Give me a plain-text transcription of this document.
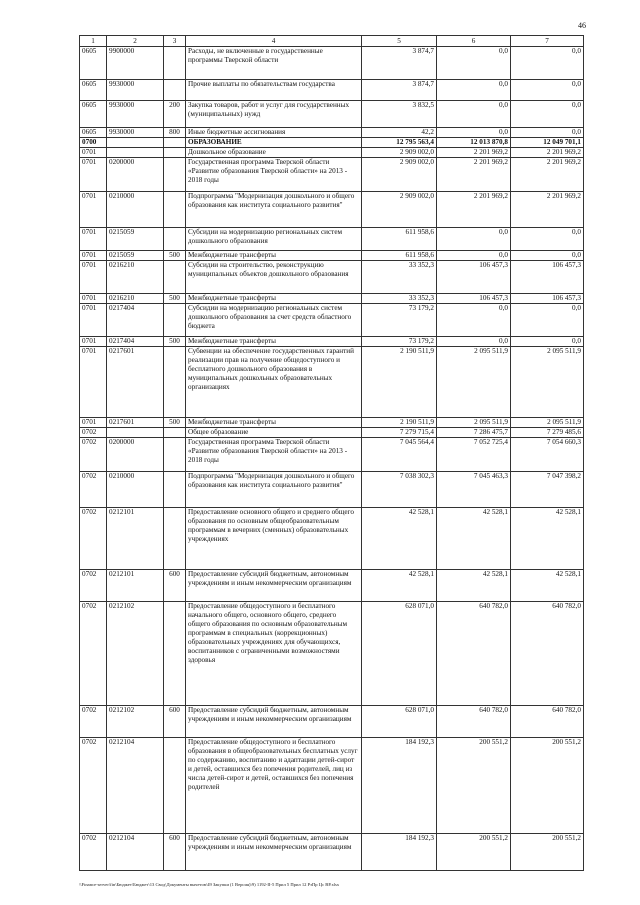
46
1	2	3	4	5	6	7
0605	9900000		Расходы, не включенные в государственные программы Тверской области	3 874,7	0,0	0,0
0605	9930000		Прочие выплаты по обязательствам государства	3 874,7	0,0	0,0
0605	9930000	200	Закупка товаров, работ и услуг для государственных (муниципальных) нужд	3 832,5	0,0	0,0
0605	9930000	800	Иные бюджетные ассигнования	42,2	0,0	0,0
0700			ОБРАЗОВАНИЕ	12 795 563,4	12 013 870,8	12 049 701,1
0701			Дошкольное образование	2 909 002,0	2 201 969,2	2 201 969,2
0701	0200000		Государственная программа Тверской области «Развитие образования Тверской области» на 2013 - 2018 годы	2 909 002,0	2 201 969,2	2 201 969,2
0701	0210000		Подпрограмма "Модернизация дошкольного и общего образования как института социального развития"	2 909 002,0	2 201 969,2	2 201 969,2
0701	0215059		Субсидии на модернизацию региональных систем дошкольного образования	611 958,6	0,0	0,0
0701	0215059	500	Межбюджетные трансферты	611 958,6	0,0	0,0
0701	0216210		Субсидии на строительство, реконструкцию муниципальных объектов дошкольного образования	33 352,3	106 457,3	106 457,3
0701	0216210	500	Межбюджетные трансферты	33 352,3	106 457,3	106 457,3
0701	0217404		Субсидии на модернизацию региональных систем дошкольного образования за счет средств областного бюджета	73 179,2	0,0	0,0
0701	0217404	500	Межбюджетные трансферты	73 179,2	0,0	0,0
0701	0217601		Субвенции на обеспечение государственных гарантий реализации прав на получение общедоступного и бесплатного дошкольного образования в муниципальных дошкольных образовательных организациях	2 190 511,9	2 095 511,9	2 095 511,9
0701	0217601	500	Межбюджетные трансферты	2 190 511,9	2 095 511,9	2 095 511,9
0702			Общее образование	7 279 715,4	7 286 475,7	7 279 485,6
0702	0200000		Государственная программа Тверской области «Развитие образования Тверской области» на 2013 - 2018 годы	7 045 564,4	7 052 725,4	7 054 660,3
0702	0210000		Подпрограмма "Модернизация дошкольного и общего образования как института социального развития"	7 038 302,3	7 045 463,3	7 047 398,2
0702	0212101		Предоставление основного общего и среднего общего образования по основным общеобразовательным программам в вечерних (сменных) образовательных учреждениях	42 528,1	42 528,1	42 528,1
0702	0212101	600	Предоставление субсидий бюджетным, автономным учреждениям и иным некоммерческим организациям	42 528,1	42 528,1	42 528,1
0702	0212102		Предоставление общедоступного и бесплатного начального общего, основного общего, среднего общего образования по основным образовательным программам в специальных (коррекционных) образовательных учреждениях для обучающихся, воспитанников с ограниченными возможностями здоровья	628 071,0	640 782,0	640 782,0
0702	0212102	600	Предоставление субсидий бюджетным, автономным учреждениям и иным некоммерческим организациям	628 071,0	640 782,0	640 782,0
0702	0212104		Предоставление общедоступного и бесплатного образования в общеобразовательных бесплатных услуг по содержанию, воспитанию и адаптации детей-сирот и детей, оставшихся без попечения родителей, лиц из числа детей-сирот и детей, оставшихся без попечения родителей	184 192,3	200 551,2	200 551,2
0702	0212104	600	Предоставление субсидий бюджетным, автономным учреждениям и иным некоммерческим организациям	184 192,3	200 551,2	200 551,2
\\Finance-server\fin\Бюджет\Бюджет\13 Свод\Документы вычетов\49 Закупки (1 Версия)\9) 1192-II-5 Прил 5 Прил 12 РзПр Цс ВР.xlsx
